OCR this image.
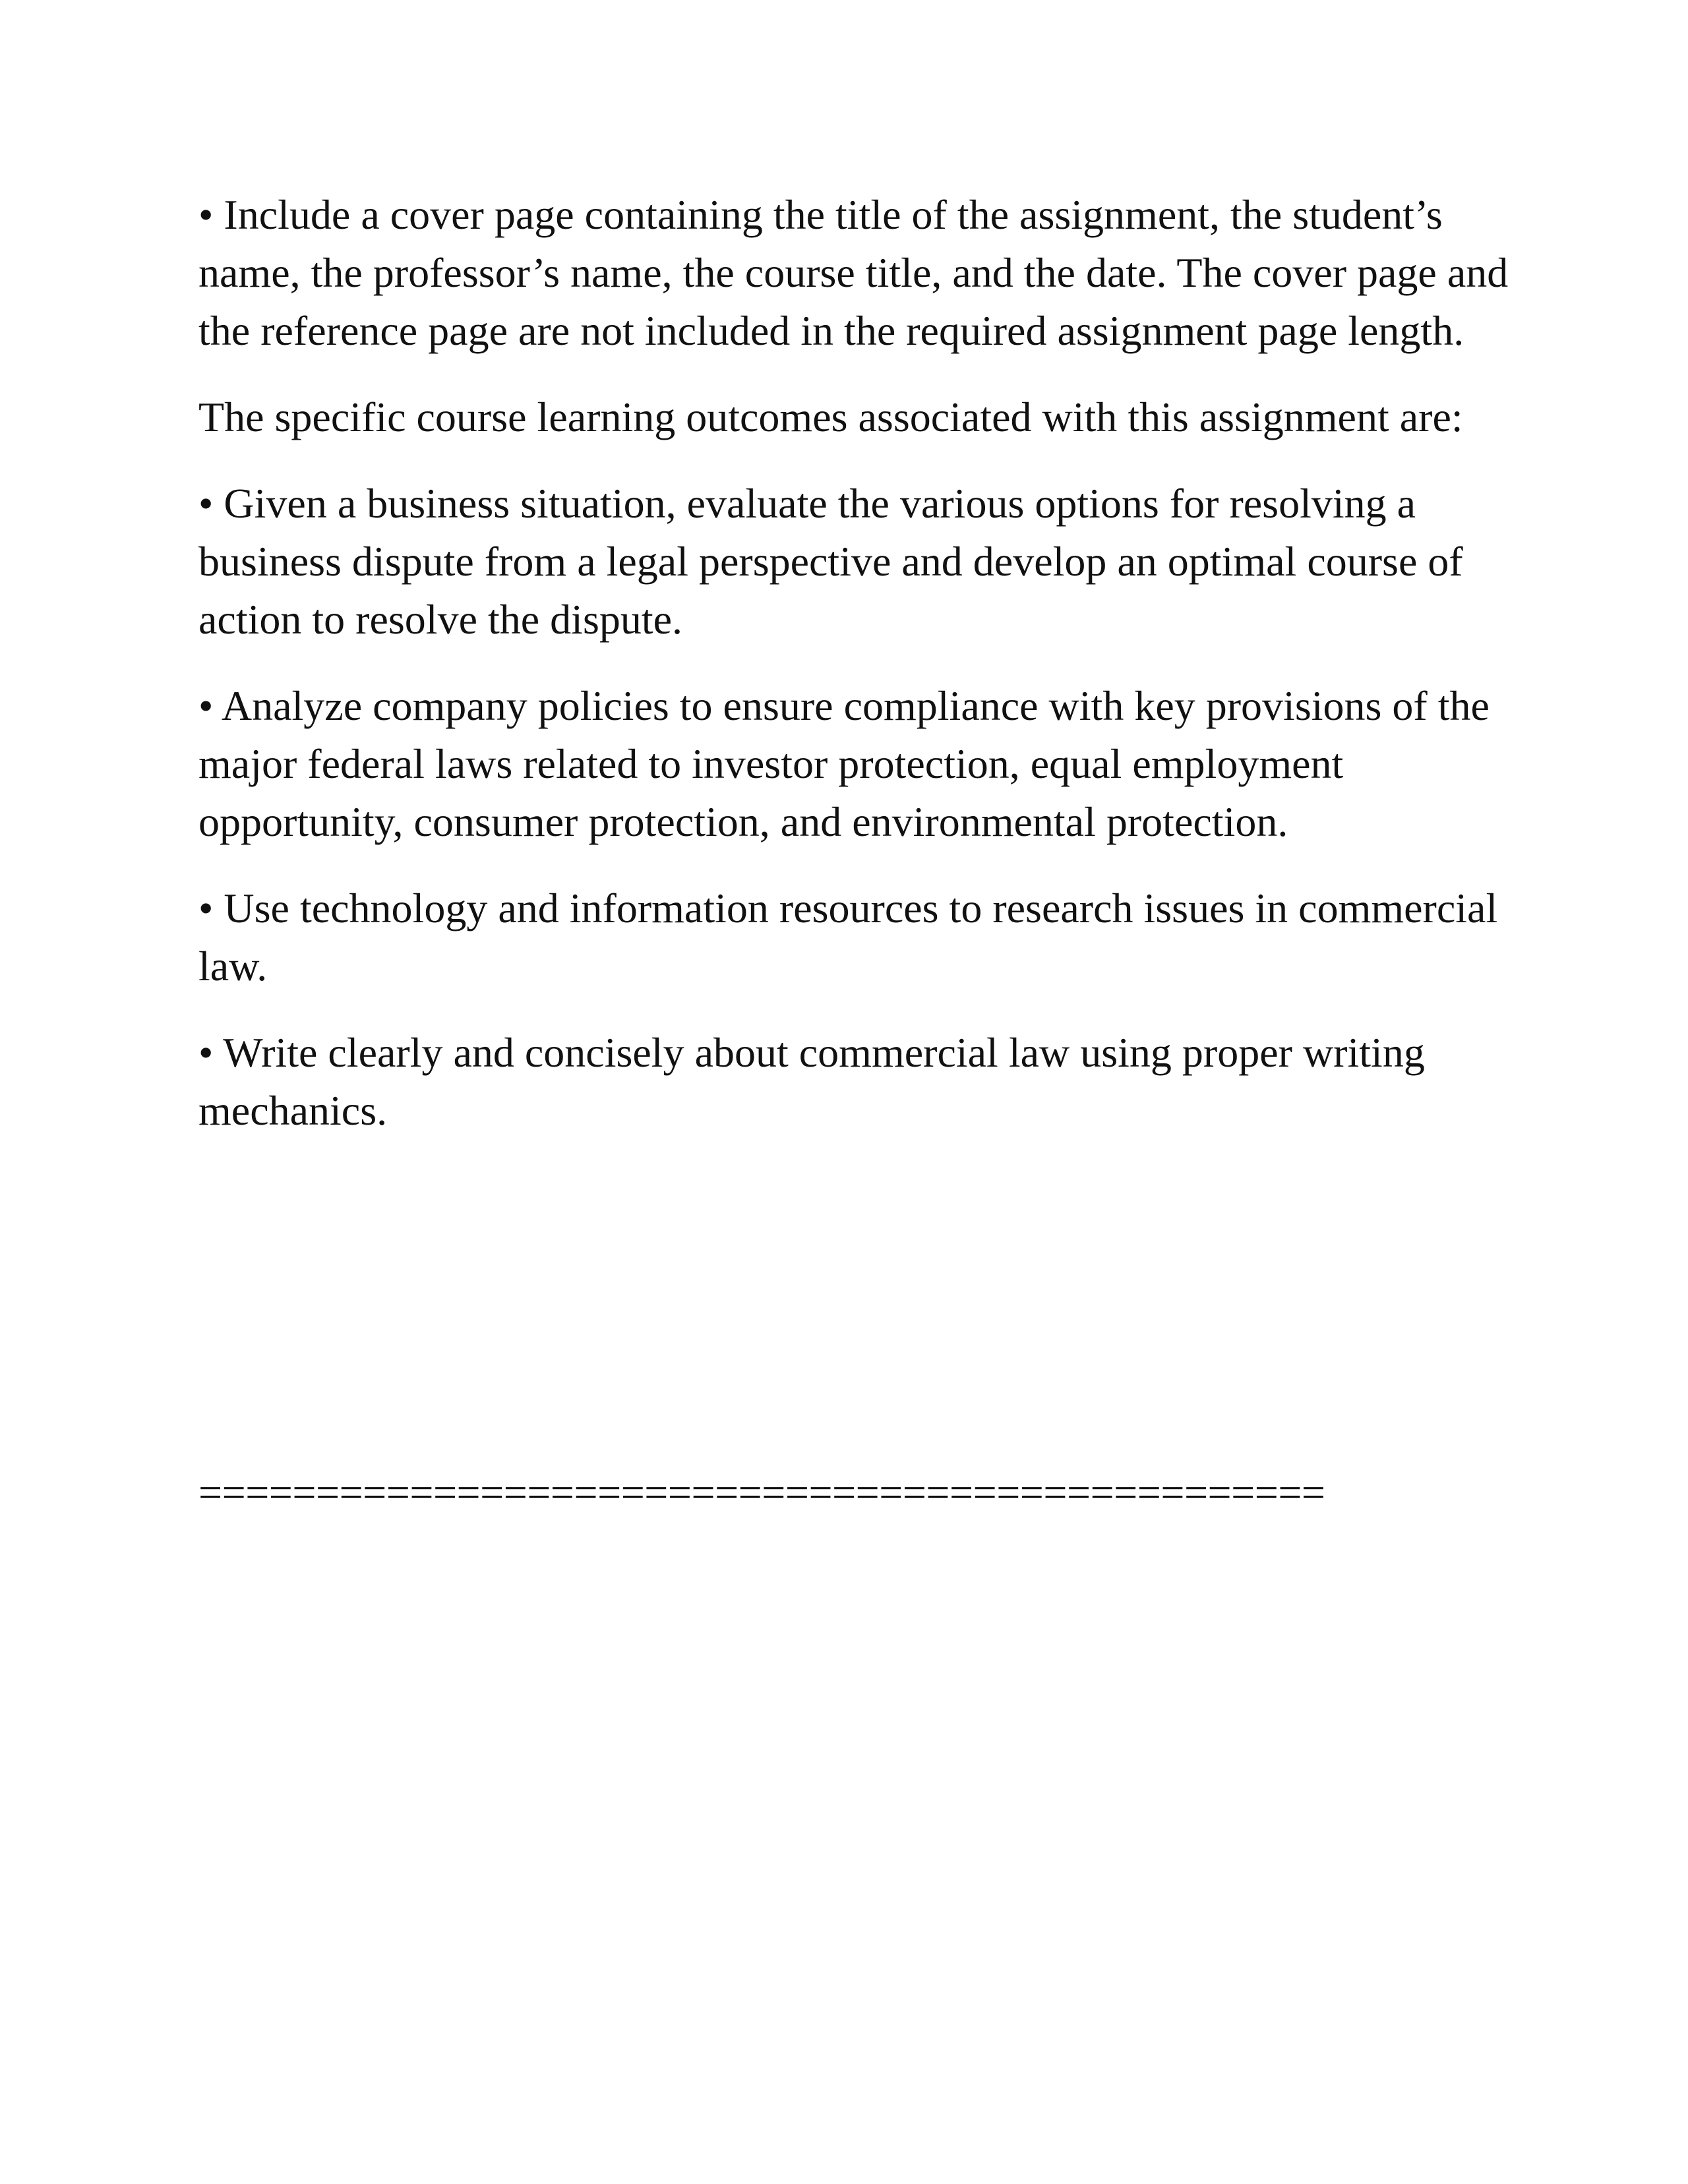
• Include a cover page containing the title of the assignment, the student’s name, the professor’s name, the course title, and the date. The cover page and the reference page are not included in the required assignment page length.

The specific course learning outcomes associated with this assignment are:

• Given a business situation, evaluate the various options for resolving a business dispute from a legal perspective and develop an optimal course of action to resolve the dispute.

• Analyze company policies to ensure compliance with key provisions of the major federal laws related to investor protection, equal employment opportunity, consumer protection, and environmental protection.

• Use technology and information resources to research issues in commercial law.

• Write clearly and concisely about commercial law using proper writing mechanics.

================================================
